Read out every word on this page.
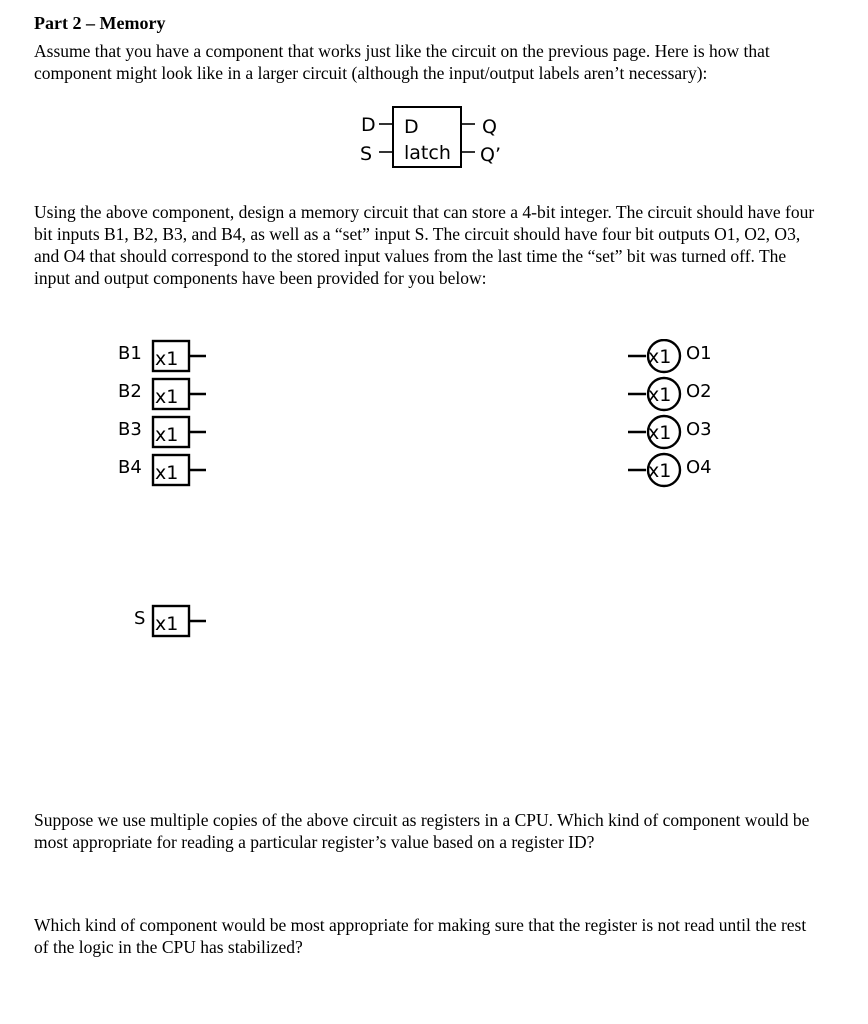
Part 2 – Memory

Assume that you have a component that works just like the circuit on the previous page. Here is how that component might look like in a larger circuit (although the input/output labels aren’t necessary):

D
S
D
latch
Q
Q’

Using the above component, design a memory circuit that can store a 4-bit integer. The circuit should have four bit inputs B1, B2, B3, and B4, as well as a “set” input S. The circuit should have four bit outputs O1, O2, O3, and O4 that should correspond to the stored input values from the last time the “set” bit was turned off. The input and output components have been provided for you below:

B1
B2
B3
B4
x1
x1
x1
x1
x1
x1
x1
x1
O1
O2
O3
O4
S x1

Suppose we use multiple copies of the above circuit as registers in a CPU. Which kind of component would be most appropriate for reading a particular register’s value based on a register ID?

Which kind of component would be most appropriate for making sure that the register is not read until the rest of the logic in the CPU has stabilized?
